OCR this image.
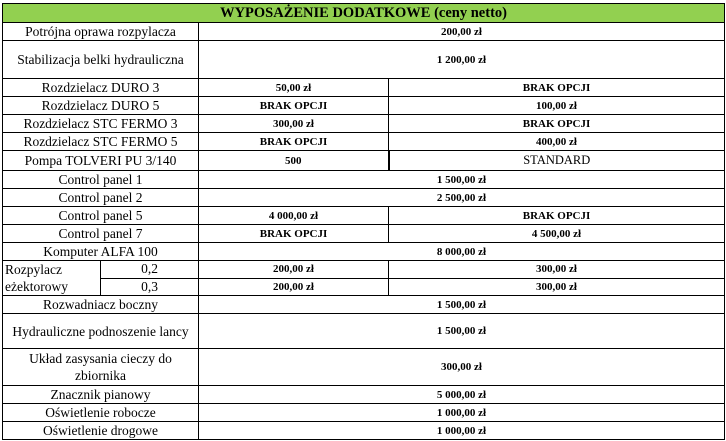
WYPOSAŻENIE DODATKOWE (ceny netto)			
Potrójna oprawa rozpylacza		200,00 zł	
Stabilizacja belki hydrauliczna		1 200,00 zł	
Rozdzielacz DURO 3		50,00 zł	BRAK OPCJI
Rozdzielacz DURO 5		BRAK OPCJI	100,00 zł
Rozdzielacz STC FERMO 3		300,00 zł	BRAK OPCJI
Rozdzielacz STC FERMO 5		BRAK OPCJI	400,00 zł
Pompa TOLVERI PU 3/140		500	STANDARD
Control panel 1		1 500,00 zł	
Control panel 2		2 500,00 zł	
Control panel 5		4 000,00 zł	BRAK OPCJI
Control panel 7		BRAK OPCJI	4 500,00 zł
Komputer ALFA 100		8 000,00 zł	
Rozpylacz eżektorowy	0,2	200,00 zł	300,00 zł
	0,3	200,00 zł	300,00 zł
Rozwadniacz boczny		1 500,00 zł	
Hydrauliczne podnoszenie lancy		1 500,00 zł	
Układ zasysania cieczy do zbiornika		300,00 zł	
Znacznik pianowy		5 000,00 zł	
Oświetlenie robocze		1 000,00 zł	
Oświetlenie drogowe		1 000,00 zł	
